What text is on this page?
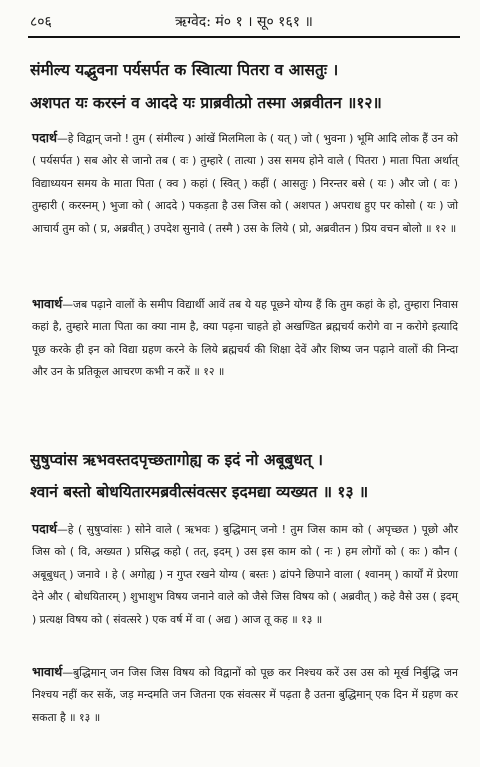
८०६	ऋग्वेद: मं० १ । सू० १६१ ॥
संमील्य यद्भुवना पर्यसर्पत क स्विात्या पितरा व आसतुः ।
अशपत यः करस्नं व आददे यः प्राब्रवीत्प्रो तस्मा अब्रवीतन ॥१२॥
पदार्थ—हे विद्वान् जनो ! तुम ( संमील्य ) आंखें मिलमिला के ( यत् ) जो ( भुवना ) भूमि आदि लोक हैं उन को ( पर्यसर्पत ) सब ओर से जानो तब ( वः ) तुम्हारे ( तात्या ) उस समय होने वाले ( पितरा ) माता पिता अर्थात् विद्याध्ययन समय के माता पिता ( क्व ) कहां ( स्वित् ) कहीं ( आसतुः ) निरन्तर बसे ( यः ) और जो ( वः ) तुम्हारी ( करस्नम् ) भुजा को ( आददे ) पकड़ता है उस जिस को ( अशपत ) अपराध हुए पर कोसो ( यः ) जो आचार्य तुम को ( प्र, अब्रवीत् ) उपदेश सुनावे ( तस्मै ) उस के लिये ( प्रो, अब्रवीतन ) प्रिय वचन बोलो ॥ १२ ॥
भावार्थ—जब पढ़ाने वालों के समीप विद्यार्थी आवें तब ये यह पूछने योग्य हैं कि तुम कहां के हो, तुम्हारा निवास कहां है, तुम्हारे माता पिता का क्या नाम है, क्या पढ़ना चाहते हो अखण्डित ब्रह्मचर्य करोगे वा न करोगे इत्यादि पूछ करके ही इन को विद्या ग्रहण करने के लिये ब्रह्मचर्य की शिक्षा देवें और शिष्य जन पढ़ाने वालों की निन्दा और उन के प्रतिकूल आचरण कभी न करें ॥ १२ ॥
सुषुप्वांस ऋभवस्तदपृच्छतागोह्य क इदं नो अबूबुधत् ।
श्वानं बस्तो बोधयितारमब्रवीत्संवत्सर इदमद्या व्यख्यत ॥ १३ ॥
पदार्थ—हे ( सुषुप्वांसः ) सोने वाले ( ऋभवः ) बुद्धिमान् जनो ! तुम जिस काम को ( अपृच्छत ) पूछो और जिस को ( वि, अख्यत ) प्रसिद्ध कहो ( तत्, इदम् ) उस इस काम को ( नः ) हम लोगों को ( कः ) कौन ( अबूबुधत् ) जनावे । हे ( अगोह्य ) न गुप्त रखने योग्य ( बस्तः ) ढांपने छिपाने वाला ( श्वानम् ) कार्यों में प्रेरणा देने और ( बोधयितारम् ) शुभाशुभ विषय जनाने वाले को जैसे जिस विषय को ( अब्रवीत् ) कहे वैसे उस ( इदम् ) प्रत्यक्ष विषय को ( संवत्सरे ) एक वर्ष में वा ( अद्य ) आज तू कह ॥ १३ ॥
भावार्थ—बुद्धिमान् जन जिस जिस विषय को विद्वानों को पूछ कर निश्चय करें उस उस को मूर्ख निर्बुद्धि जन निश्चय नहीं कर सकें, जड़ मन्दमति जन जितना एक संवत्सर में पढ़ता है उतना बुद्धिमान् एक दिन में ग्रहण कर सकता है ॥ १३ ॥
